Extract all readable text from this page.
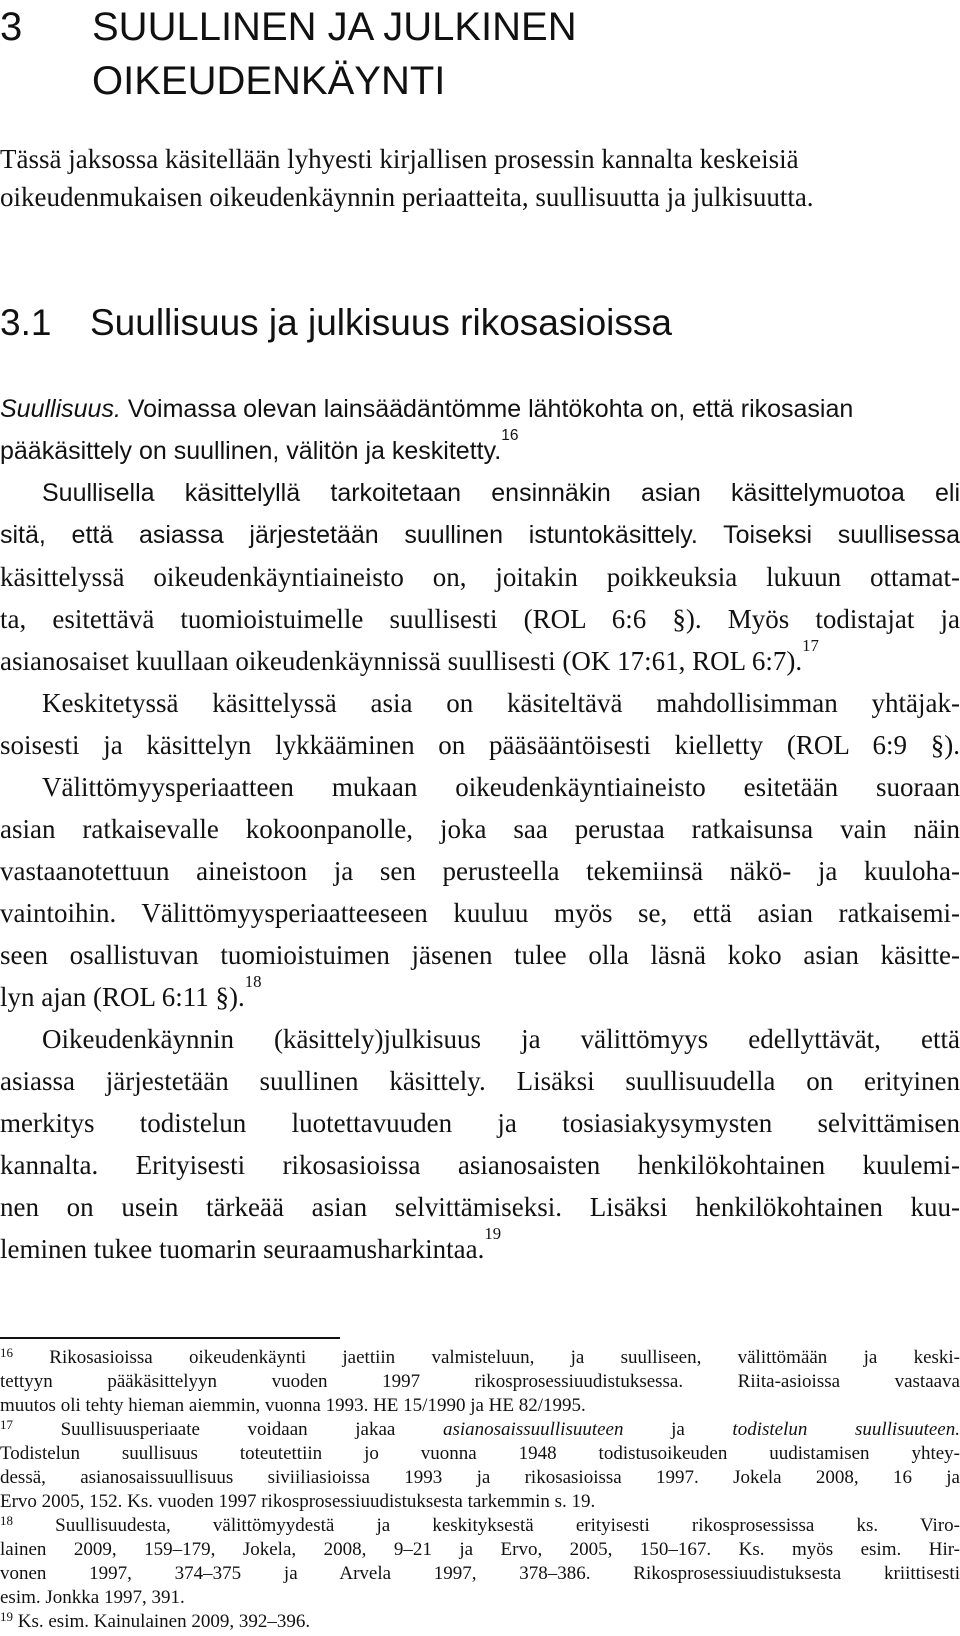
3 SUULLINEN JA JULKINEN OIKEUDENKÄYNTI
Tässä jaksossa käsitellään lyhyesti kirjallisen prosessin kannalta keskeisiä
oikeudenmukaisen oikeudenkäynnin periaatteita, suullisuutta ja julkisuutta.
3.1 Suullisuus ja julkisuus rikosasioissa
Suullisuus. Voimassa olevan lainsäädäntömme lähtökohta on, että rikosasian
pääkäsittely on suullinen, välitön ja keskitetty.$^{16}$
Suullisella käsittelyllä tarkoitetaan ensinnäkin asian käsittelymuotoa eli
sitä, että asiassa järjestetään suullinen istuntokäsittely. Toiseksi suullisessa
käsittelyssä oikeudenkäyntiaineisto on, joitakin poikkeuksia lukuun ottamat-
ta, esitettävä tuomioistuimelle suullisesti (ROL 6:6 §). Myös todistajat ja
asianosaiset kuullaan oikeudenkäynnissä suullisesti (OK 17:61, ROL 6:7).$^{17}$
Keskitetyssä käsittelyssä asia on käsiteltävä mahdollisimman yhtäjak-
soisesti ja käsittelyn lykkääminen on pääsääntöisesti kielletty (ROL 6:9 §).
Välittömyysperiaatteen mukaan oikeudenkäyntiaineisto esitetään suoraan
asian ratkaisevalle kokoonpanolle, joka saa perustaa ratkaisunsa vain näin
vastaanotettuun aineistoon ja sen perusteella tekemiinsä näkö- ja kuuloha-
vaintoihin. Välittömyysperiaatteeseen kuuluu myös se, että asian ratkaisemi-
seen osallistuvan tuomioistuimen jäsenen tulee olla läsnä koko asian käsitte-
lyn ajan (ROL 6:11 §).$^{18}$
Oikeudenkäynnin (käsittely)julkisuus ja välittömyys edellyttävät, että
asiassa järjestetään suullinen käsittely. Lisäksi suullisuudella on erityinen
merkitys todistelun luotettavuuden ja tosiasiakysymysten selvittämisen
kannalta. Erityisesti rikosasioissa asianosaisten henkilökohtainen kuulemi-
nen on usein tärkeää asian selvittämiseksi. Lisäksi henkilökohtainen kuu-
leminen tukee tuomarin seuraamusharkintaa.$^{19}$
$^{16}$ Rikosasioissa oikeudenkäynti jaettiin valmisteluun, ja suulliseen, välittömään ja keski-
tettyyn pääkäsittelyyn vuoden 1997 rikosprosessiuudistuksessa. Riita-asioissa vastaava
muutos oli tehty hieman aiemmin, vuonna 1993. HE 15/1990 ja HE 82/1995.
$^{17}$ Suullisuusperiaate voidaan jakaa asianosaissuullisuuteen ja todistelun suullisuuteen.
Todistelun suullisuus toteutettiin jo vuonna 1948 todistusoikeuden uudistamisen yhtey-
dessä, asianosaissuullisuus siviiliasioissa 1993 ja rikosasioissa 1997. Jokela 2008, 16 ja
Ervo 2005, 152. Ks. vuoden 1997 rikosprosessiuudistuksesta tarkemmin s. 19.
$^{18}$ Suullisuudesta, välittömyydestä ja keskityksestä erityisesti rikosprosessissa ks. Viro-
lainen 2009, 159–179, Jokela, 2008, 9–21 ja Ervo, 2005, 150–167. Ks. myös esim. Hir-
vonen 1997, 374–375 ja Arvela 1997, 378–386. Rikosprosessiuudistuksesta kriittisesti
esim. Jonkka 1997, 391.
$^{19}$ Ks. esim. Kainulainen 2009, 392–396.
